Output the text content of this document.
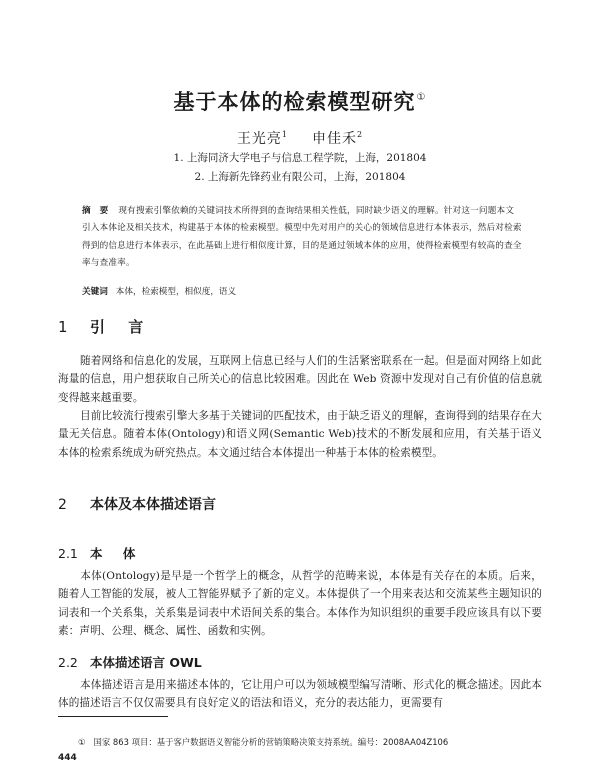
基于本体的检索模型研究①
王光亮$^1$ 申佳禾$^2$
1. 上海同济大学电子与信息工程学院，上海，201804
2. 上海新先锋药业有限公司，上海，201804
摘　要 现有搜索引擎依赖的关键词技术所得到的查询结果相关性低，同时缺少语义的理解。针对这一问题本文引入本体论及相关技术，构建基于本体的检索模型。模型中先对用户的关心的领域信息进行本体表示，然后对检索得到的信息进行本体表示，在此基础上进行相似度计算，目的是通过领域本体的应用，使得检索模型有较高的查全率与查准率。
关键词 本体，检索模型，相似度，语义
1 引 言
随着网络和信息化的发展，互联网上信息已经与人们的生活紧密联系在一起。但是面对网络上如此海量的信息，用户想获取自己所关心的信息比较困难。因此在 Web 资源中发现对自己有价值的信息就变得越来越重要。
目前比较流行搜索引擎大多基于关键词的匹配技术，由于缺乏语义的理解，查询得到的结果存在大量无关信息。随着本体(Ontology)和语义网(Semantic Web)技术的不断发展和应用，有关基于语义本体的检索系统成为研究热点。本文通过结合本体提出一种基于本体的检索模型。
2 本体及本体描述语言
2.1 本 体
本体(Ontology)是早是一个哲学上的概念，从哲学的范畴来说，本体是有关存在的本质。后来，随着人工智能的发展，被人工智能界赋予了新的定义。本体提供了一个用来表达和交流某些主题知识的词表和一个关系集，关系集是词表中术语间关系的集合。本体作为知识组织的重要手段应该具有以下要素：声明、公理、概念、属性、函数和实例。
2.2 本体描述语言 OWL
本体描述语言是用来描述本体的，它让用户可以为领域模型编写清晰、形式化的概念描述。因此本体的描述语言不仅仅需要具有良好定义的语法和语义，充分的表达能力，更需要有
① 国家 863 项目：基于客户数据语义智能分析的营销策略决策支持系统。编号：2008AA04Z106
444
